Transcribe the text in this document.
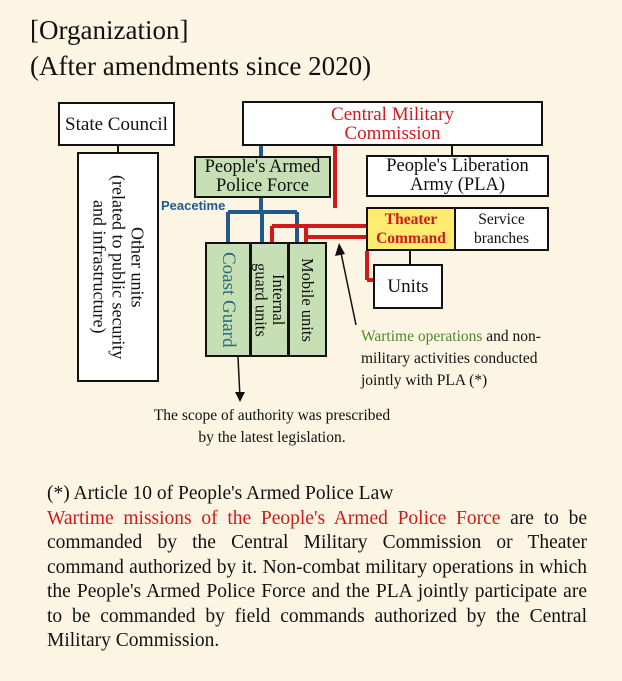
[Organization]
(After amendments since 2020)
State Council	Central Military
Commission
Other units
(related to public security
and infrastructure)
People's Armed
Police Force
People's Liberation
Army (PLA)
Peacetime
Theater
Command
Service
branches
Units
Coast Guard Internal
guard units Mobile units	Wartime operations and non-
military activities conducted
jointly with PLA (*)
The scope of authority was prescribed
by the latest legislation.

(*) Article 10 of People's Armed Police Law

Wartime missions of the People's Armed Police Force are to be commanded by the Central Military Commission or Theater command authorized by it. Non-combat military operations in which the People's Armed Police Force and the PLA jointly participate are to be commanded by field commands authorized by the Central Military Commission.
